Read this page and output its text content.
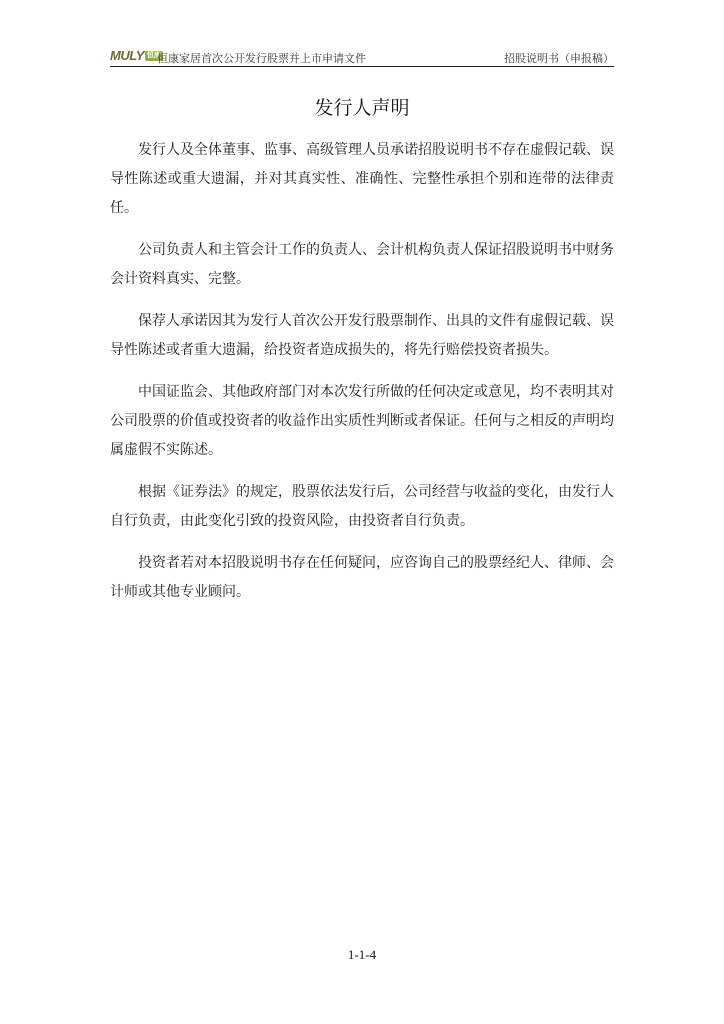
MULY 恒康
恒康家居首次公开发行股票并上市申请文件	招股说明书（申报稿）
发行人声明

发行人及全体董事、监事、高级管理人员承诺招股说明书不存在虚假记载、误导性陈述或重大遗漏，并对其真实性、准确性、完整性承担个别和连带的法律责任。

公司负责人和主管会计工作的负责人、会计机构负责人保证招股说明书中财务会计资料真实、完整。

保荐人承诺因其为发行人首次公开发行股票制作、出具的文件有虚假记载、误导性陈述或者重大遗漏，给投资者造成损失的，将先行赔偿投资者损失。

中国证监会、其他政府部门对本次发行所做的任何决定或意见，均不表明其对公司股票的价值或投资者的收益作出实质性判断或者保证。任何与之相反的声明均属虚假不实陈述。

根据《证券法》的规定，股票依法发行后，公司经营与收益的变化，由发行人自行负责，由此变化引致的投资风险，由投资者自行负责。

投资者若对本招股说明书存在任何疑问，应咨询自己的股票经纪人、律师、会计师或其他专业顾问。

1-1-4
